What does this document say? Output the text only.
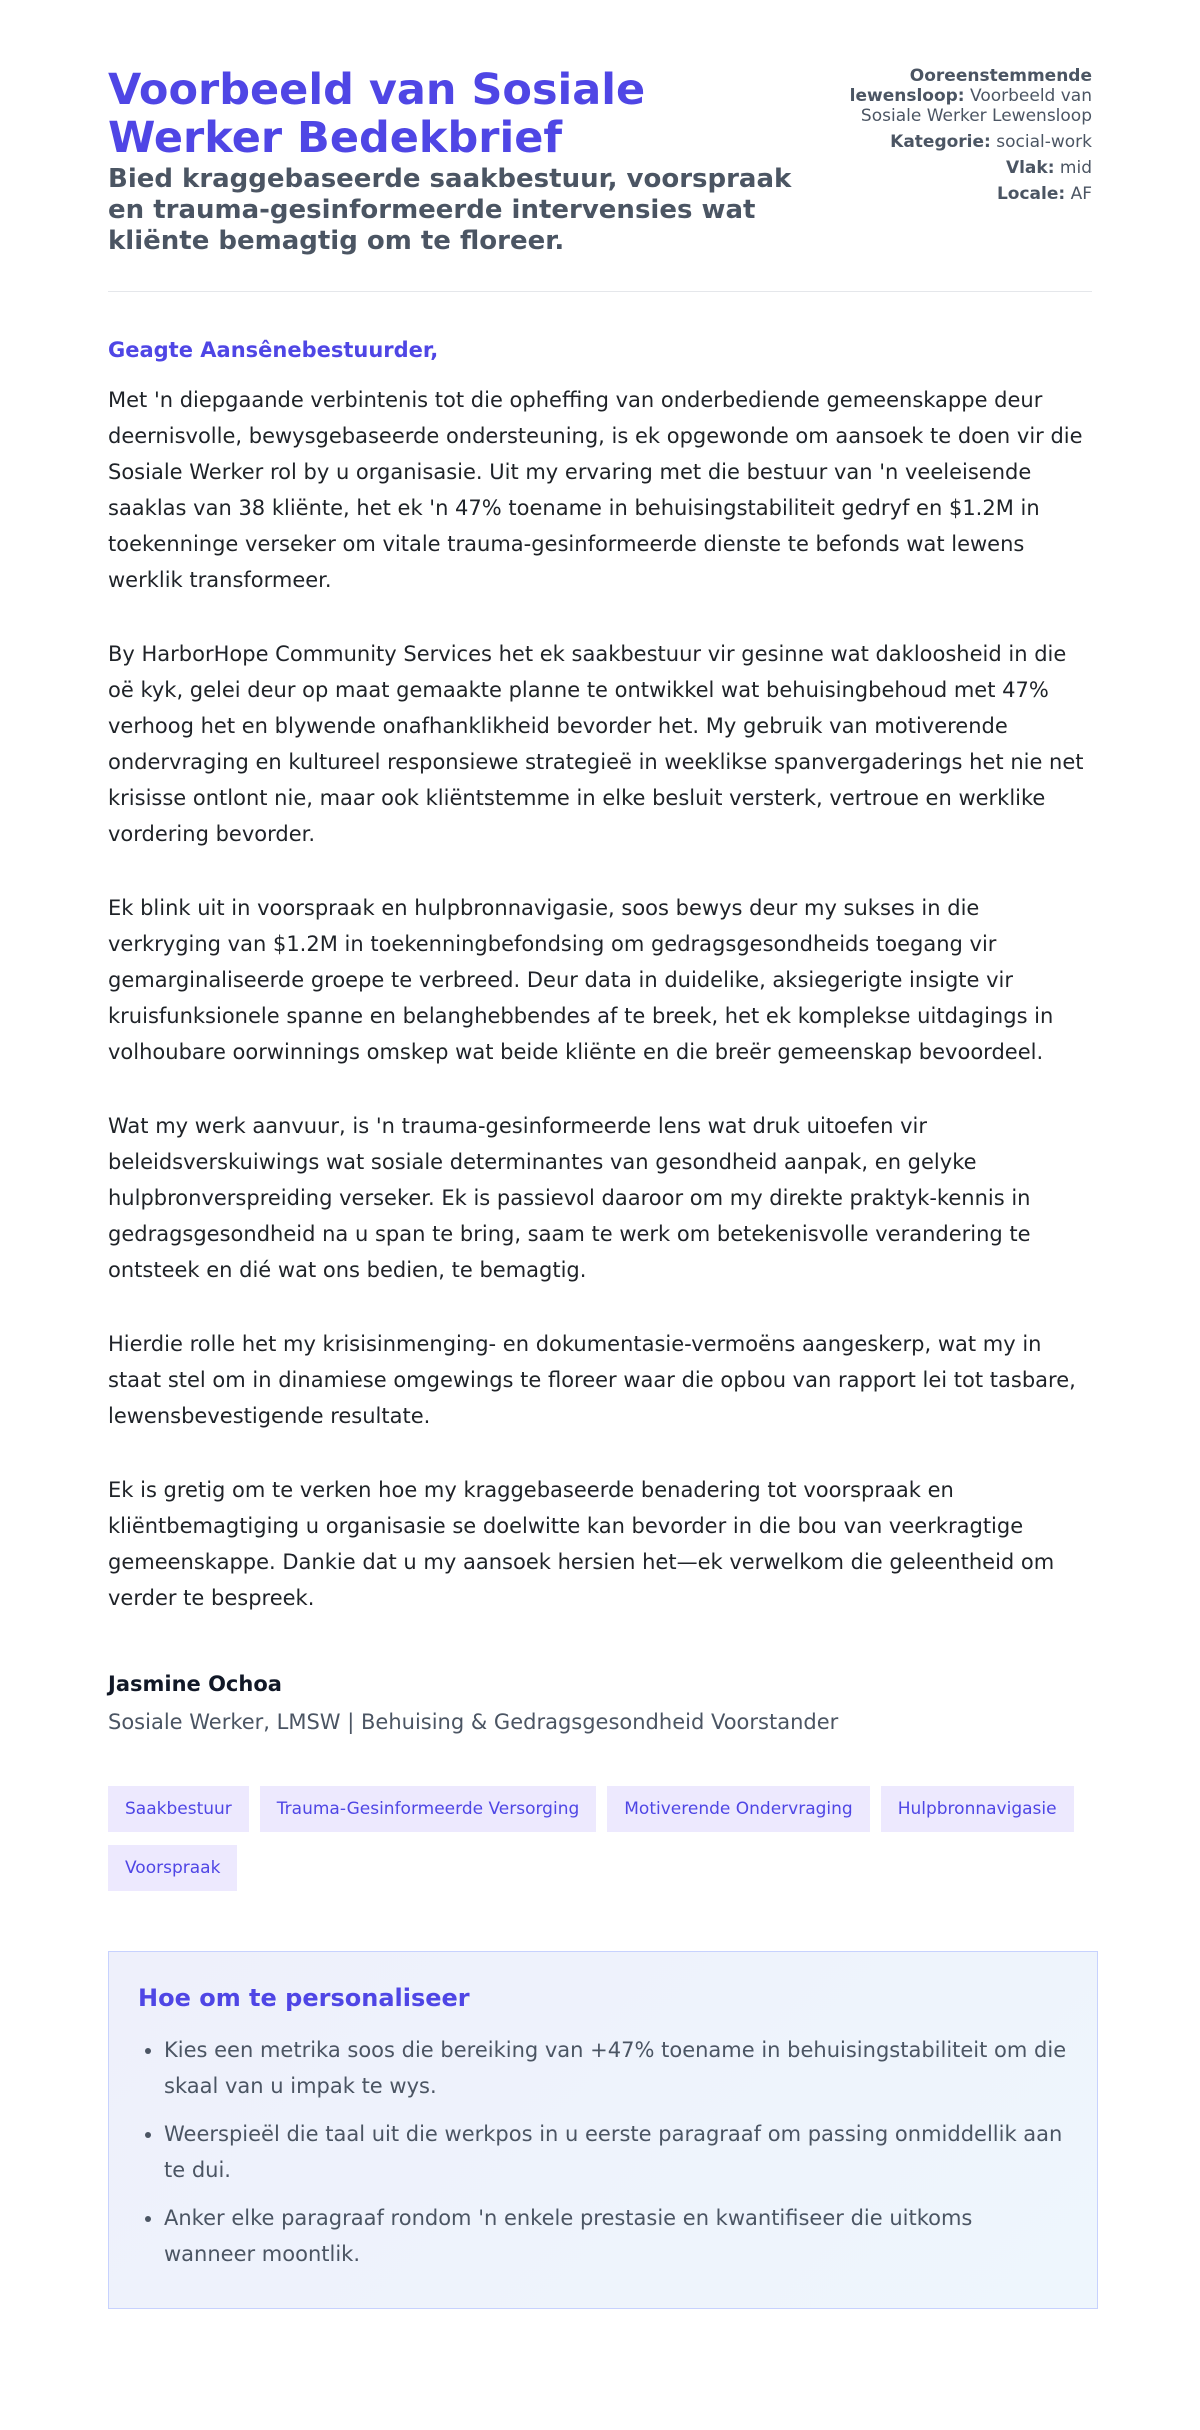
Voorbeeld van Sosiale Werker Bedekbrief
Bied kraggebaseerde saakbestuur, voorspraak en trauma-gesinformeerde intervensies wat kliënte bemagtig om te floreer.
Ooreenstemmende lewensloop: Voorbeeld van Sosiale Werker Lewensloop
Kategorie: social-work
Vlak: mid
Locale: AF
Geagte Aansênebestuurder,

Met 'n diepgaande verbintenis tot die opheffing van onderbediende gemeenskappe deur deernisvolle, bewysgebaseerde ondersteuning, is ek opgewonde om aansoek te doen vir die Sosiale Werker rol by u organisasie. Uit my ervaring met die bestuur van 'n veeleisende saaklas van 38 kliënte, het ek 'n 47% toename in behuisingstabiliteit gedryf en $1.2M in toekenninge verseker om vitale trauma-gesinformeerde dienste te befonds wat lewens werklik transformeer.

By HarborHope Community Services het ek saakbestuur vir gesinne wat dakloosheid in die oë kyk, gelei deur op maat gemaakte planne te ontwikkel wat behuisingbehoud met 47% verhoog het en blywende onafhanklikheid bevorder het. My gebruik van motiverende ondervraging en kultureel responsiewe strategieë in weeklikse spanvergaderings het nie net krisisse ontlont nie, maar ook kliëntstemme in elke besluit versterk, vertroue en werklike vordering bevorder.

Ek blink uit in voorspraak en hulpbronnavigasie, soos bewys deur my sukses in die verkryging van $1.2M in toekenningbefondsing om gedragsgesondheids toegang vir gemarginaliseerde groepe te verbreed. Deur data in duidelike, aksiegerigte insigte vir kruisfunksionele spanne en belanghebbendes af te breek, het ek komplekse uitdagings in volhoubare oorwinnings omskep wat beide kliënte en die breër gemeenskap bevoordeel.

Wat my werk aanvuur, is 'n trauma-gesinformeerde lens wat druk uitoefen vir beleidsverskuiwings wat sosiale determinantes van gesondheid aanpak, en gelyke hulpbronverspreiding verseker. Ek is passievol daaroor om my direkte praktyk-kennis in gedragsgesondheid na u span te bring, saam te werk om betekenisvolle verandering te ontsteek en dié wat ons bedien, te bemagtig.

Hierdie rolle het my krisisinmenging- en dokumentasie-vermoëns aangeskerp, wat my in staat stel om in dinamiese omgewings te floreer waar die opbou van rapport lei tot tasbare, lewensbevestigende resultate.

Ek is gretig om te verken hoe my kraggebaseerde benadering tot voorspraak en kliëntbemagtiging u organisasie se doelwitte kan bevorder in die bou van veerkragtige gemeenskappe. Dankie dat u my aansoek hersien het—ek verwelkom die geleentheid om verder te bespreek.

Jasmine Ochoa
Sosiale Werker, LMSW | Behuising & Gedragsgesondheid Voorstander
Saakbestuur	Trauma-Gesinformeerde Versorging	Motiverende Ondervraging	Hulpbronnavigasie
Voorspraak
Hoe om te personaliseer
• Kies een metrika soos die bereiking van +47% toename in behuisingstabiliteit om die skaal van u impak te wys.
• Weerspieël die taal uit die werkpos in u eerste paragraaf om passing onmiddellik aan te dui.
• Anker elke paragraaf rondom 'n enkele prestasie en kwantifiseer die uitkoms wanneer moontlik.
